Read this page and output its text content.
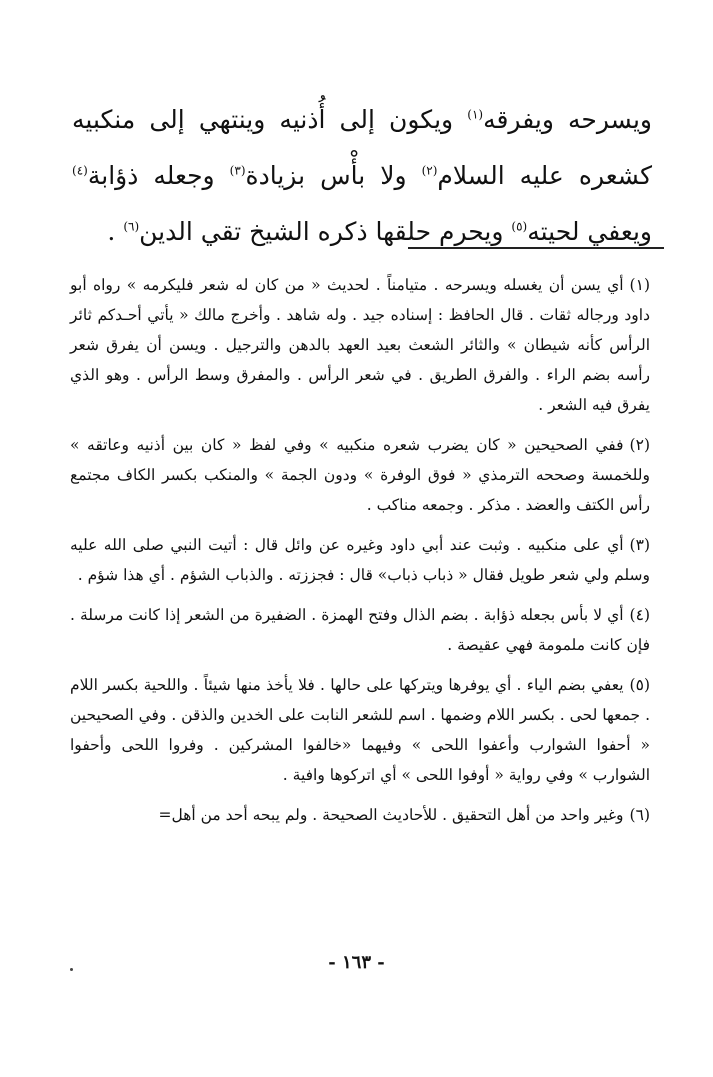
ويسرحه ويفرقه$^{(١)}$ ويكون إلى أُذنيه وينتهي إلى منكبيه كشعره عليه السلام$^{(٢)}$ ولا بأْس بزيادة$^{(٣)}$ وجعله ذؤابة$^{(٤)}$ ويعفي لحيته$^{(٥)}$ ويحرم حلقها ذكره الشيخ تقي الدين$^{(٦)}$ .

(١)أي يسن أن يغسله ويسرحه . متيامناً . لحديث « من كان له شعر فليكرمه » رواه أبو داود ورجاله ثقات . قال الحافظ : إسناده جيد . وله شاهد . وأخرج مالك « يأتي أحـدكم ثائر الرأس كأنه شيطان » والثائر الشعث بعيد العهد بالدهن والترجيل . ويسن أن يفرق شعر رأسه بضم الراء . والفرق الطريق . في شعر الرأس . والمفرق وسط الرأس . وهو الذي يفرق فيه الشعر .

(٢)ففي الصحيحين « كان يضرب شعره منكبيه » وفي لفظ « كان بين أذنيه وعاتقه » وللخمسة وصححه الترمذي « فوق الوفرة » ودون الجمة » والمنكب بكسر الكاف مجتمع رأس الكتف والعضد . مذكر . وجمعه مناكب .

(٣)أي على منكبيه . وثبت عند أبي داود وغيره عن وائل قال : أتيت النبي صلى الله عليه وسلم ولي شعر طويل فقال « ذباب ذباب» قال : فجززته . والذباب الشؤم . أي هذا شؤم .

(٤)أي لا بأس بجعله ذؤابة . بضم الذال وفتح الهمزة . الضفيرة من الشعر إذا كانت مرسلة . فإن كانت ملمومة فهي عقيصة .

(٥)يعفي بضم الياء . أي يوفرها ويتركها على حالها . فلا يأخذ منها شيئاً . واللحية بكسر اللام . جمعها لحى . بكسر اللام وضمها . اسم للشعر النابت على الخدين والذقن . وفي الصحيحين « أحفوا الشوارب وأعفوا اللحى » وفيهما «خالفوا المشركين . وفروا اللحى وأحفوا الشوارب » وفي رواية « أوفوا اللحى » أي اتركوها وافية .

(٦)وغير واحد من أهل التحقيق . للأحاديث الصحيحة . ولم يبحه أحد من أهل=

- ١٦٣ -
